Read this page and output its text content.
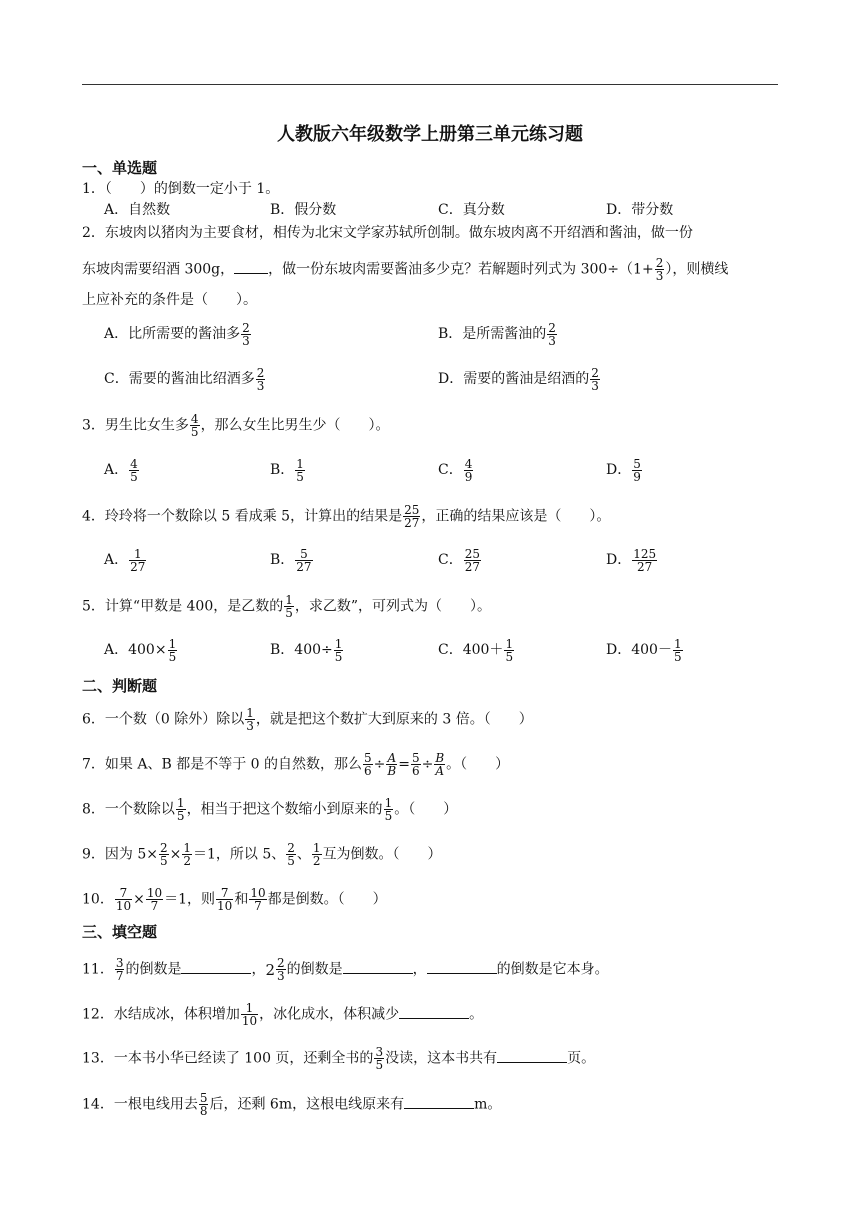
人教版六年级数学上册第三单元练习题
一、单选题
1．（　　）的倒数一定小于 1。
A．自然数	B．假分数	C．真分数	D．带分数
2．东坡肉以猪肉为主要食材，相传为北宋文学家苏轼所创制。做东坡肉离不开绍酒和酱油，做一份
东坡肉需要绍酒 300g， ，做一份东坡肉需要酱油多少克？若解题时列式为 $300\div(1+ \frac{2}{3}$ ），则横线
上应补充的条件是（　　）。
A．比所需要的酱油多 $\frac{2}{3}$	B．是所需酱油的 $\frac{2}{3}$
C．需要的酱油比绍酒多 $\frac{2}{3}$	D．需要的酱油是绍酒的 $\frac{2}{3}$
3．男生比女生多 $\frac{4}{5}$ ，那么女生比男生少（　　）。
A． $\frac{4}{5}$	B． $\frac{1}{5}$	C． $\frac{4}{9}$	D． $\frac{5}{9}$
4．玲玲将一个数除以 5 看成乘 5，计算出的结果是 $\frac{25}{27}$ ，正确的结果应该是（　　）。
A． $\frac{1}{27}$	B． $\frac{5}{27}$	C． $\frac{25}{27}$	D． $\frac{125}{27}$
5．计算“甲数是 400，是乙数的 $\frac{1}{5}$ ，求乙数”，可列式为（　　）。
A．$400\times \frac{1}{5}$	B．$400\div \frac{1}{5}$	C．$400+ \frac{1}{5}$	D．$400- \frac{1}{5}$
二、判断题
6．一个数（0 除外）除以 $\frac{1}{3}$ ，就是把这个数扩大到原来的 3 倍。（　　）
7．如果 A、B 都是不等于 0 的自然数，那么 $\frac{5}{6} \div \frac{A}{B} = \frac{5}{6} \div \frac{B}{A}$ 。（　　）
8．一个数除以 $\frac{1}{5}$ ，相当于把这个数缩小到原来的 $\frac{1}{5}$ 。（　　）
9．因为 $5\times \frac{2}{5} \times \frac{1}{2} =1$，所以 5、 $\frac{2}{5}$ 、 $\frac{1}{2}$ 互为倒数。（　　）
10． $\frac{7}{10} \times \frac{10}{7} =1$，则 $\frac{7}{10}$ 和 $\frac{10}{7}$ 都是倒数。（　　）
三、填空题
11． $\frac{3}{7}$ 的倒数是	，$2 \frac{2}{3}$ 的倒数是	，	的倒数是它本身。
12．水结成冰，体积增加 $\frac{1}{10}$ ，冰化成水，体积减少	。
13．一本书小华已经读了 100 页，还剩全书的 $\frac{3}{5}$ 没读，这本书共有	页。
14．一根电线用去 $\frac{5}{8}$ 后，还剩 6m，这根电线原来有	m。
